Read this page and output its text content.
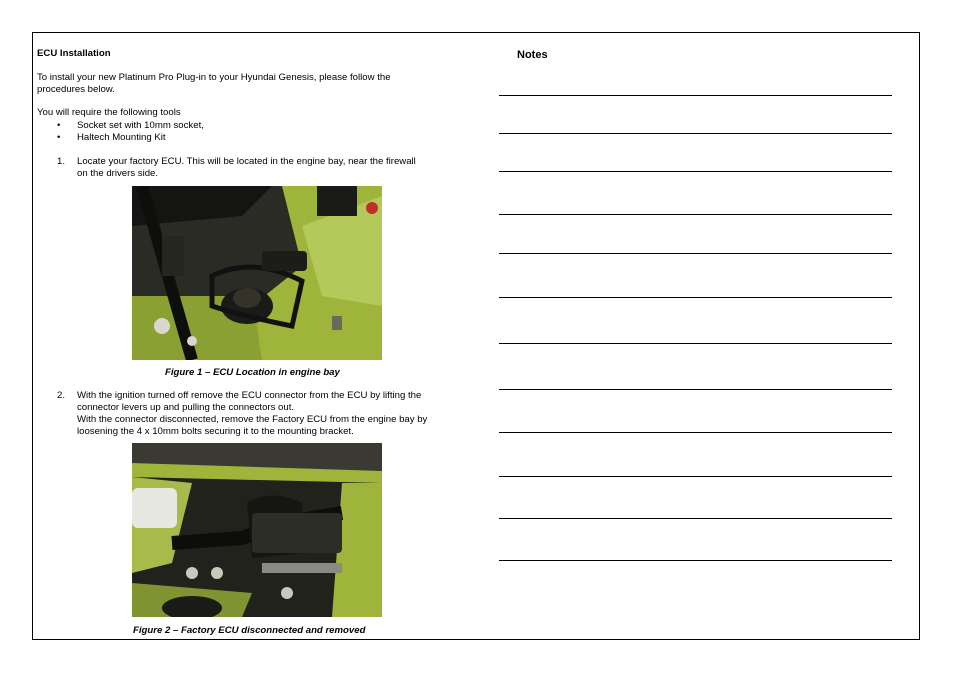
ECU Installation
To install your new Platinum Pro Plug-in to your Hyundai Genesis, please follow the
procedures below.
You will require the following tools
• Socket set with 10mm socket,
• Haltech Mounting Kit
1. Locate your factory ECU. This will be located in the engine bay, near the firewall
on the drivers side.
Figure 1 – ECU Location in engine bay
2. With the ignition turned off remove the ECU connector from the ECU by lifting the
connector levers up and pulling the connectors out.
With the connector disconnected, remove the Factory ECU from the engine bay by
loosening the 4 x 10mm bolts securing it to the mounting bracket.
Figure 2 – Factory ECU disconnected and removed
Notes
